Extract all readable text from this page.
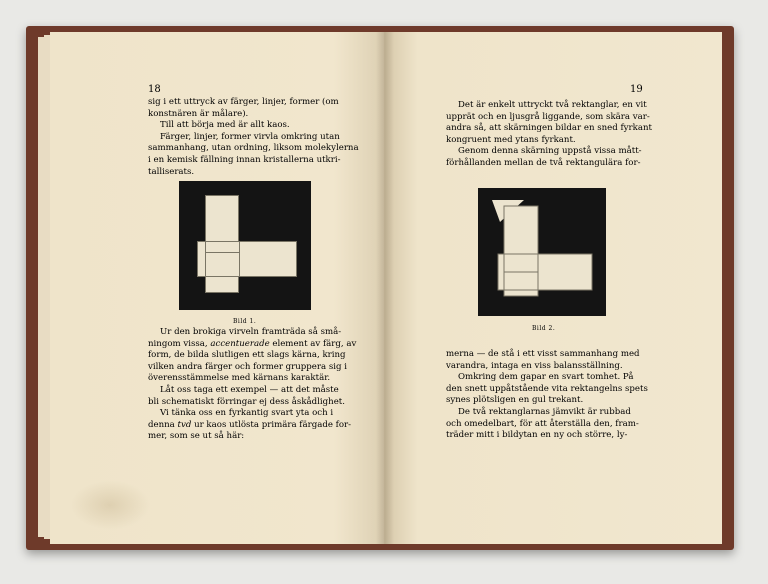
18

sig i ett uttryck av färger, linjer, former (om

konstnären är målare).

Till att börja med är allt kaos.

Färger, linjer, former virvla omkring utan

sammanhang, utan ordning, liksom molekylerna

i en kemisk fällning innan kristallerna utkri-

talliserats.

Bild 1.

Ur den brokiga virveln framträda så små-

ningom vissa, accentuerade element av färg, av

form, de bilda slutligen ett slags kärna, kring

vilken andra färger och former gruppera sig i

överensstämmelse med kärnans karaktär.

Låt oss taga ett exempel — att det måste

bli schematiskt förringar ej dess åskådlighet.

Vi tänka oss en fyrkantig svart yta och i

denna tvd ur kaos utlösta primära färgade for-

mer, som se ut så här:

19

Det är enkelt uttryckt två rektanglar, en vit

upprät och en ljusgrå liggande, som skära var-

andra så, att skärningen bildar en sned fyrkant

kongruent med ytans fyrkant.

Genom denna skärning uppstå vissa mått-

förhållanden mellan de två rektangulära for-

Bild 2.

merna — de stå i ett visst sammanhang med

varandra, intaga en viss balansställning.

Omkring dem gapar en svart tomhet. På

den snett uppåtstående vita rektangelns spets

synes plötsligen en gul trekant.

De två rektanglarnas jämvikt är rubbad

och omedelbart, för att återställa den, fram-

träder mitt i bildytan en ny och större, ly-
